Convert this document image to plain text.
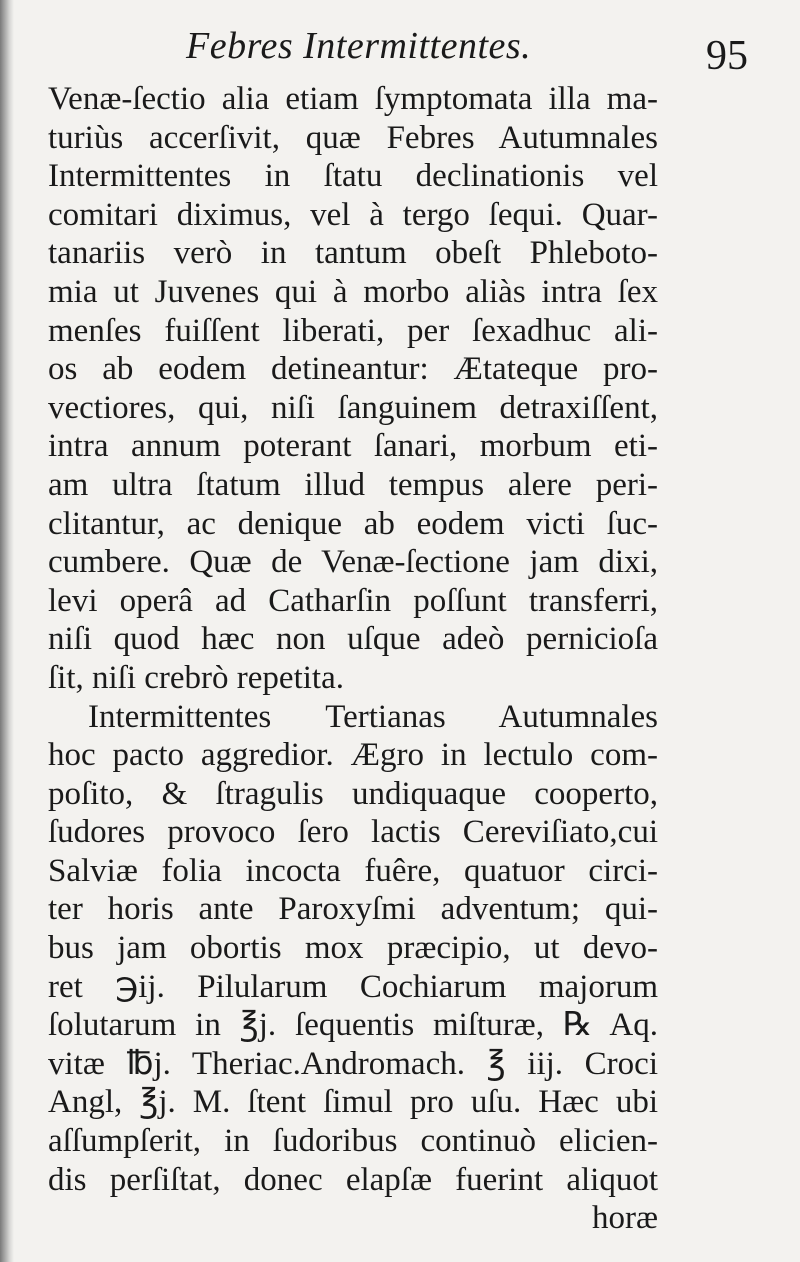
Febres Intermittentes.	95
Venæ-ſectio alia etiam ſymptomata illa ma-
turiùs accerſivit, quæ Febres Autumnales
Intermittentes in ſtatu declinationis vel
comitari diximus, vel à tergo ſequi. Quar-
tanariis verò in tantum obeſt Phleboto-
mia ut Juvenes qui à morbo aliàs intra ſex
menſes fuiſſent liberati, per ſexadhuc ali-
os ab eodem detineantur: Ætateque pro-
vectiores, qui, niſi ſanguinem detraxiſſent,
intra annum poterant ſanari, morbum eti-
am ultra ſtatum illud tempus alere peri-
clitantur, ac denique ab eodem victi ſuc-
cumbere. Quæ de Venæ-ſectione jam dixi,
levi operâ ad Catharſin poſſunt transferri,
niſi quod hæc non uſque adeò pernicioſa
ſit, niſi crebrò repetita.
Intermittentes Tertianas Autumnales
hoc pacto aggredior. Ægro in lectulo com-
poſito, & ſtragulis undiquaque cooperto,
ſudores provoco ſero lactis Cereviſiato,cui
Salviæ folia incocta fuêre, quatuor circi-
ter horis ante Paroxyſmi adventum; qui-
bus jam obortis mox præcipio, ut devo-
ret ℈ij. Pilularum Cochiarum majorum
ſolutarum in ℥j. ſequentis miſturæ, ℞ Aq.
vitæ ℔j. Theriac.Andromach. ℥ iij. Croci
Angl, ℥j. M. ſtent ſimul pro uſu. Hæc ubi
aſſumpſerit, in ſudoribus continuò elicien-
dis perſiſtat, donec elapſæ fuerint aliquot
horæ
